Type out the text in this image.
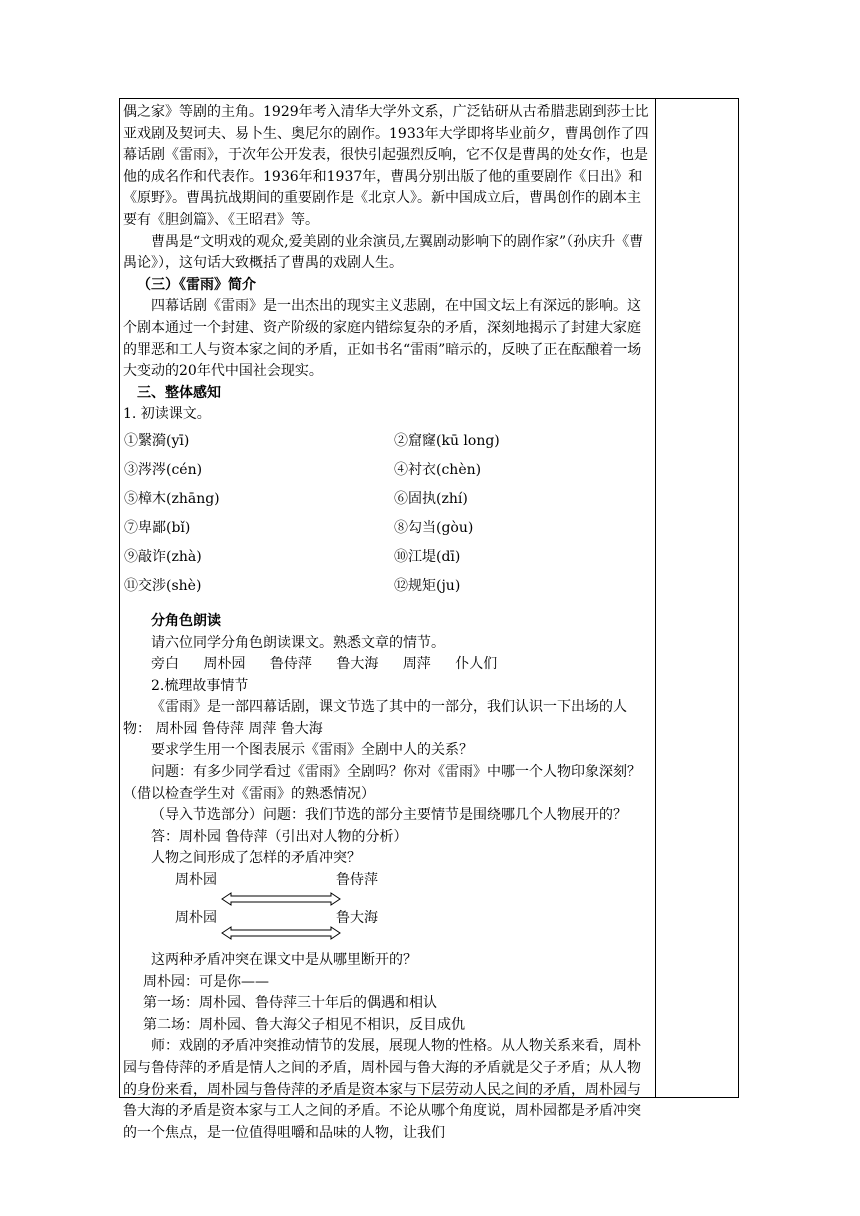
偶之家》等剧的主角。1929年考入清华大学外文系，广泛钻研从古希腊悲剧到莎士比亚戏剧及契诃夫、易卜生、奥尼尔的剧作。1933年大学即将毕业前夕，曹禺创作了四幕话剧《雷雨》，于次年公开发表，很快引起强烈反响，它不仅是曹禺的处女作，也是他的成名作和代表作。1936年和1937年，曹禺分别出版了他的重要剧作《日出》和《原野》。曹禺抗战期间的重要剧作是《北京人》。新中国成立后，曹禺创作的剧本主要有《胆剑篇》、《王昭君》等。

曹禺是“文明戏的观众,爱美剧的业余演员,左翼剧动影响下的剧作家”（孙庆升《曹禺论》），这句话大致概括了曹禺的戏剧人生。

（三）《雷雨》简介

四幕话剧《雷雨》是一出杰出的现实主义悲剧，在中国文坛上有深远的影响。这个剧本通过一个封建、资产阶级的家庭内错综复杂的矛盾，深刻地揭示了封建大家庭的罪恶和工人与资本家之间的矛盾，正如书名“雷雨”暗示的，反映了正在酝酿着一场大变动的20年代中国社会现实。

三、整体感知

1. 初读课文。

①繄漪(yī)	②窟窿(kū long)
③涔涔(cén)	④衬衣(chèn)
⑤樟木(zhāng)	⑥固执(zhí)
⑦卑鄙(bǐ)	⑧勾当(gòu)
⑨敲诈(zhà)	⑩江堤(dī)
⑪交涉(shè)	⑫规矩(ju)

分角色朗读

请六位同学分角色朗读课文。熟悉文章的情节。

旁白 周朴园 鲁侍萍 鲁大海 周萍 仆人们

2.梳理故事情节

《雷雨》是一部四幕话剧，课文节选了其中的一部分，我们认识一下出场的人物： 周朴园 鲁侍萍 周萍 鲁大海

要求学生用一个图表展示《雷雨》全剧中人的关系？

问题：有多少同学看过《雷雨》全剧吗？你对《雷雨》中哪一个人物印象深刻？（借以检查学生对《雷雨》的熟悉情况）

（导入节选部分）问题：我们节选的部分主要情节是围绕哪几个人物展开的？

答：周朴园 鲁侍萍（引出对人物的分析）

人物之间形成了怎样的矛盾冲突？

周朴园	鲁侍萍
周朴园	鲁大海

这两种矛盾冲突在课文中是从哪里断开的？

周朴园：可是你——

第一场：周朴园、鲁侍萍三十年后的偶遇和相认

第二场：周朴园、鲁大海父子相见不相识，反目成仇

师：戏剧的矛盾冲突推动情节的发展，展现人物的性格。从人物关系来看，周朴园与鲁侍萍的矛盾是情人之间的矛盾，周朴园与鲁大海的矛盾就是父子矛盾；从人物的身份来看，周朴园与鲁侍萍的矛盾是资本家与下层劳动人民之间的矛盾，周朴园与鲁大海的矛盾是资本家与工人之间的矛盾。不论从哪个角度说，周朴园都是矛盾冲突的一个焦点，是一位值得咀嚼和品味的人物，让我们
